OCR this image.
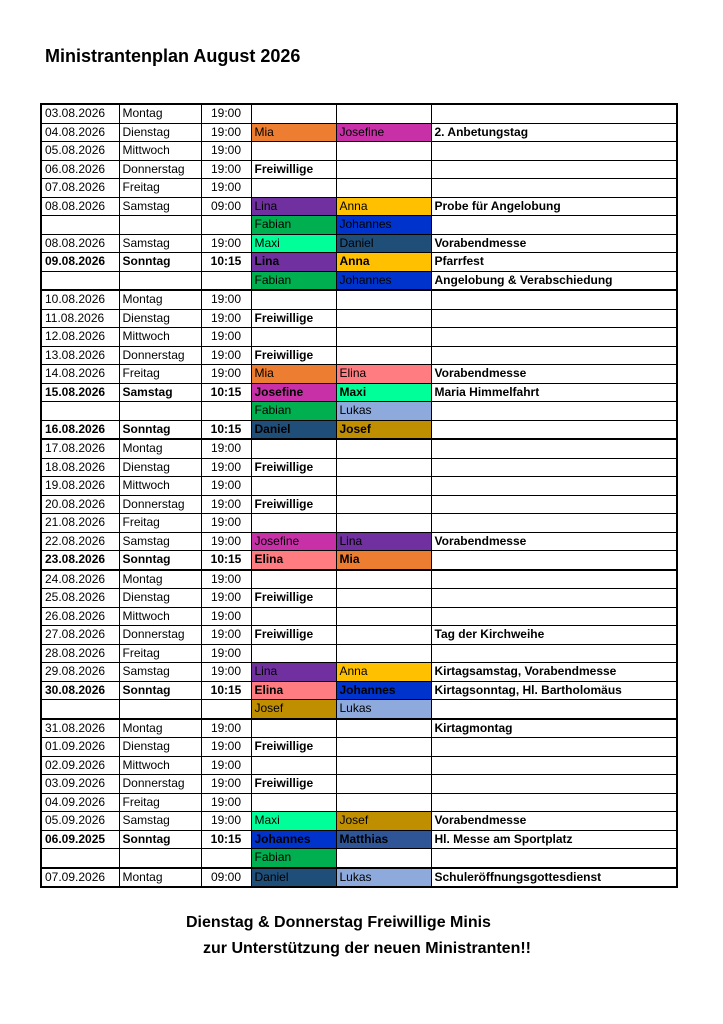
Ministrantenplan August 2026
03.08.2026	Montag	19:00			
04.08.2026	Dienstag	19:00	Mia	Josefine	2. Anbetungstag
05.08.2026	Mittwoch	19:00			
06.08.2026	Donnerstag	19:00	Freiwillige		
07.08.2026	Freitag	19:00			
08.08.2026	Samstag	09:00	Lina	Anna	Probe für Angelobung
			Fabian	Johannes	
08.08.2026	Samstag	19:00	Maxi	Daniel	Vorabendmesse
09.08.2026	Sonntag	10:15	Lina	Anna	Pfarrfest
			Fabian	Johannes	Angelobung & Verabschiedung
10.08.2026	Montag	19:00			
11.08.2026	Dienstag	19:00	Freiwillige		
12.08.2026	Mittwoch	19:00			
13.08.2026	Donnerstag	19:00	Freiwillige		
14.08.2026	Freitag	19:00	Mia	Elina	Vorabendmesse
15.08.2026	Samstag	10:15	Josefine	Maxi	Maria Himmelfahrt
			Fabian	Lukas	
16.08.2026	Sonntag	10:15	Daniel	Josef	
17.08.2026	Montag	19:00			
18.08.2026	Dienstag	19:00	Freiwillige		
19.08.2026	Mittwoch	19:00			
20.08.2026	Donnerstag	19:00	Freiwillige		
21.08.2026	Freitag	19:00			
22.08.2026	Samstag	19:00	Josefine	Lina	Vorabendmesse
23.08.2026	Sonntag	10:15	Elina	Mia	
24.08.2026	Montag	19:00			
25.08.2026	Dienstag	19:00	Freiwillige		
26.08.2026	Mittwoch	19:00			
27.08.2026	Donnerstag	19:00	Freiwillige		Tag der Kirchweihe
28.08.2026	Freitag	19:00			
29.08.2026	Samstag	19:00	Lina	Anna	Kirtagsamstag, Vorabendmesse
30.08.2026	Sonntag	10:15	Elina	Johannes	Kirtagsonntag, Hl. Bartholomäus
			Josef	Lukas	
31.08.2026	Montag	19:00			Kirtagmontag
01.09.2026	Dienstag	19:00	Freiwillige		
02.09.2026	Mittwoch	19:00			
03.09.2026	Donnerstag	19:00	Freiwillige		
04.09.2026	Freitag	19:00			
05.09.2026	Samstag	19:00	Maxi	Josef	Vorabendmesse
06.09.2025	Sonntag	10:15	Johannes	Matthias	Hl. Messe am Sportplatz
			Fabian		
07.09.2026	Montag	09:00	Daniel	Lukas	Schuleröffnungsgottesdienst

Dienstag & Donnerstag Freiwillige Minis

zur Unterstützung der neuen Ministranten!!
